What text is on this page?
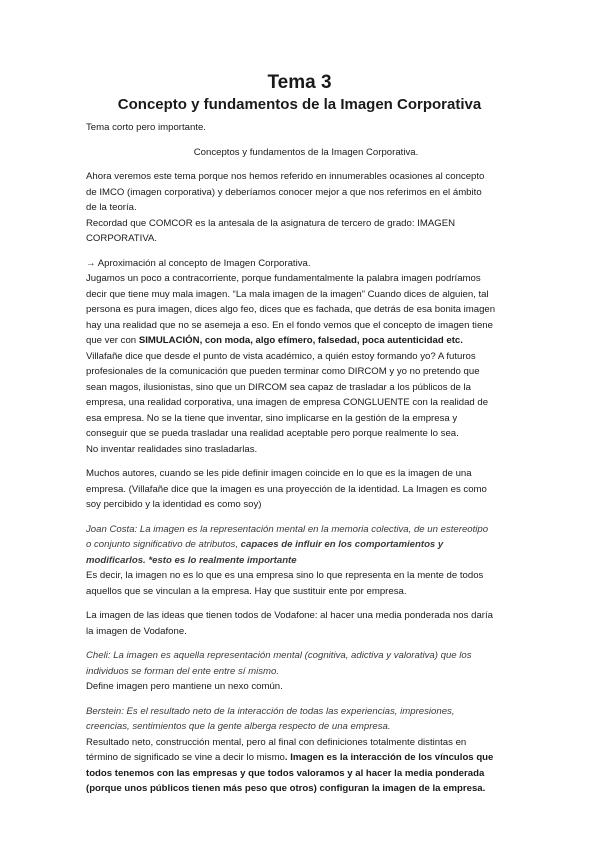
Tema 3
Concepto y fundamentos de la Imagen Corporativa

Tema corto pero importante.

Conceptos y fundamentos de la Imagen Corporativa.

Ahora veremos este tema porque nos hemos referido en innumerables ocasiones al concepto

de IMCO (imagen corporativa) y deberíamos conocer mejor a que nos referimos en el ámbito

de la teoría.

Recordad que COMCOR es la antesala de la asignatura de tercero de grado: IMAGEN CORPORATIVA.

→ Aproximación al concepto de Imagen Corporativa.

Jugamos un poco a contracorriente, porque fundamentalmente la palabra imagen podríamos

decir que tiene muy mala imagen. “La mala imagen de la imagen” Cuando dices de alguien, tal

persona es pura imagen, dices algo feo, dices que es fachada, que detrás de esa bonita imagen

hay una realidad que no se asemeja a eso. En el fondo vemos que el concepto de imagen tiene

que ver con SIMULACIÓN, con moda, algo efímero, falsedad, poca autenticidad etc.

Villafañe dice que desde el punto de vista académico, a quién estoy formando yo? A futuros

profesionales de la comunicación que pueden terminar como DIRCOM y yo no pretendo que

sean magos, ilusionistas, sino que un DIRCOM sea capaz de trasladar a los públicos de la

empresa, una realidad corporativa, una imagen de empresa CONGLUENTE con la realidad de

esa empresa. No se la tiene que inventar, sino implicarse en la gestión de la empresa y

conseguir que se pueda trasladar una realidad aceptable pero porque realmente lo sea.

No inventar realidades sino trasladarlas.

Muchos autores, cuando se les pide definir imagen coincide en lo que es la imagen de una

empresa. (Villafañe dice que la imagen es una proyección de la identidad. La Imagen es como

soy percibido y la identidad es como soy)

Joan Costa: La imagen es la representación mental en la memoria colectiva, de un estereotipo

o conjunto significativo de atributos, capaces de influir en los comportamientos y

modificarlos. *esto es lo realmente importante

Es decir, la imagen no es lo que es una empresa sino lo que representa en la mente de todos

aquellos que se vinculan a la empresa. Hay que sustituir ente por empresa.

La imagen de las ideas que tienen todos de Vodafone: al hacer una media ponderada nos daría

la imagen de Vodafone.

Cheli: La imagen es aquella representación mental (cognitiva, adictiva y valorativa) que los

individuos se forman del ente entre sí mismo.

Define imagen pero mantiene un nexo común.

Berstein: Es el resultado neto de la interacción de todas las experiencias, impresiones,

creencias, sentimientos que la gente alberga respecto de una empresa.

Resultado neto, construcción mental, pero al final con definiciones totalmente distintas en

término de significado se vine a decir lo mismo. Imagen es la interacción de los vínculos que

todos tenemos con las empresas y que todos valoramos y al hacer la media ponderada

(porque unos públicos tienen más peso que otros) configuran la imagen de la empresa.
